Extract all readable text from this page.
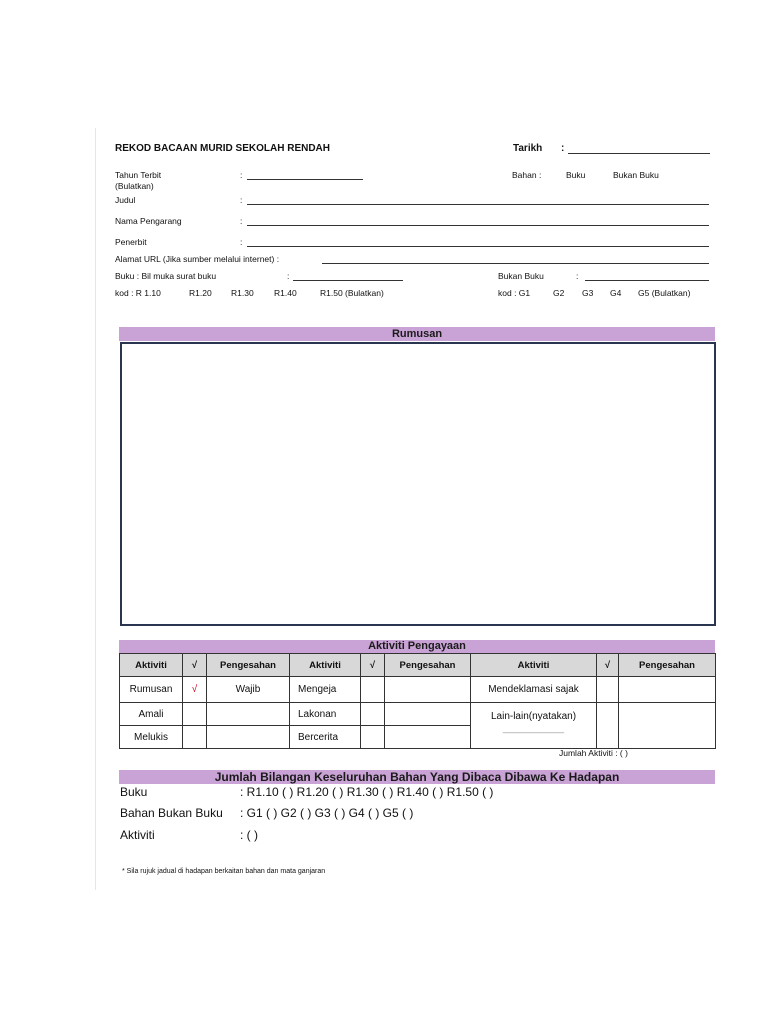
REKOD BACAAN MURID SEKOLAH RENDAH	Tarikh :
Tahun Terbit
(Bulatkan)
:	Bahan :	Buku	Bukan Buku
Judul	:
Nama Pengarang	:
Penerbit	:
Alamat URL (Jika sumber melalui internet) :
Buku : Bil muka surat buku	:	Bukan Buku	:
kod : R 1.10	R1.20 R1.30 R1.40	R1.50 (Bulatkan)	kod : G1	G2 G3 G4 G5 (Bulatkan)
Rumusan
Aktiviti Pengayaan
Aktiviti	√	Pengesahan	Aktiviti	√	Pengesahan	Aktiviti	√	Pengesahan
Rumusan	√	Wajib	Mengeja			Mendeklamasi sajak		
Amali			Lakonan			Lain-lain(nyatakan)
___________		

Melukis			Bercerita					
Jumlah Aktiviti : ( )
Jumlah Bilangan Keseluruhan Bahan Yang Dibaca Dibawa Ke Hadapan
Buku	: R1.10 ( ) R1.20 ( ) R1.30 ( ) R1.40 ( ) R1.50 ( )
Bahan Bukan Buku : G1 ( ) G2 ( ) G3 ( ) G4 ( ) G5 ( )
Aktiviti	: ( )
* Sila rujuk jadual di hadapan berkaitan bahan dan mata ganjaran
